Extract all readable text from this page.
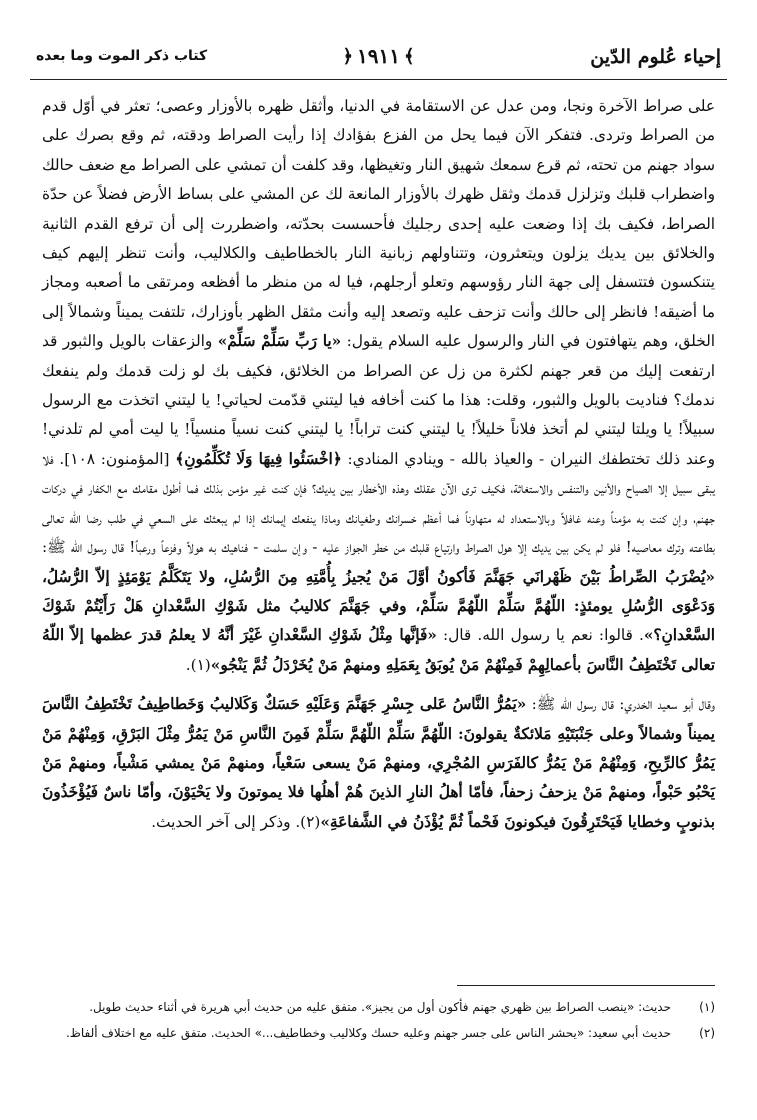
إحياء عُلوم الدّين
﴾
١٩١١
﴿
كتاب ذكر الموت وما بعده

على صراط الآخرة ونجا، ومن عدل عن الاستقامة في الدنيا، وأثقل ظهره بالأوزار وعصى؛ تعثر في أوّل قدم من الصراط وتردى. فتفكر الآن فيما يحل من الفزع بفؤادك إذا رأيت الصراط ودقته، ثم وقع بصرك على سواد جهنم من تحته، ثم قرع سمعك شهيق النار وتغيظها، وقد كلفت أن تمشي على الصراط مع ضعف حالك واضطراب قلبك وتزلزل قدمك وثقل ظهرك بالأوزار المانعة لك عن المشي على بساط الأرض فضلاً عن حدّة الصراط، فكيف بك إذا وضعت عليه إحدى رجليك فأحسست بحدّته، واضطررت إلى أن ترفع القدم الثانية والخلائق بين يديك يزلون ويتعثرون، وتتناولهم زبانية النار بالخطاطيف والكلاليب، وأنت تنظر إليهم كيف يتنكسون فتتسفل إلى جهة النار رؤوسهم وتعلو أرجلهم، فيا له من منظر ما أفظعه ومرتقى ما أصعبه ومجاز ما أضيقه! فانظر إلى حالك وأنت تزحف عليه وتصعد إليه وأنت مثقل الظهر بأوزارك، تلتفت يميناً وشمالاً إلى الخلق، وهم يتهافتون في النار والرسول عليه السلام يقول: «يا رَبِّ سَلِّمْ سَلِّمْ» والزعقات بالويل والثبور قد ارتفعت إليك من قعر جهنم لكثرة من زل عن الصراط من الخلائق، فكيف بك لو زلت قدمك ولم ينفعك ندمك؟ فناديت بالويل والثبور، وقلت: هذا ما كنت أخافه فيا ليتني قدّمت لحياتي! يا ليتني اتخذت مع الرسول سبيلاً! يا ويلتا ليتني لم أتخذ فلاناً خليلاً! يا ليتني كنت تراباً! يا ليتني كنت نسياً منسياً! يا ليت أمي لم تلدني! وعند ذلك تختطفك النيران - والعياذ بالله - وينادي المنادي: ﴿اخْسَئُوا فِيهَا وَلَا تُكَلِّمُونِ﴾ [المؤمنون: ١٠٨]. فلا يبقى سبيل إلا الصياح والأنين والتنفس والاستغاثة، فكيف ترى الآن عقلك وهذه الأخطار بين يديك؟ فإن كنت غير مؤمن بذلك فما أطول مقامك مع الكفار في دركات جهنم، وإن كنت به مؤمناً وعنه غافلاً وبالاستعداد له متهاوناً فما أعظم خسرانك وطغيانك وماذا ينفعك إيمانك إذا لم يبعثك على السعي في طلب رضا الله تعالى بطاعته وترك معاصيه! فلو لم يكن بين يديك إلا هول الصراط وارتياع قلبك من خطر الجواز عليه - وإن سلمت - فناهيك به هولاً وفزعاً ورعباً! قال رسول الله ﷺ: «يُضْرَبُ الصِّراطُ بَيْنَ ظَهْرانَي جَهَنَّمَ فَأكونُ أوَّلَ مَنْ يُجيزُ بِأُمَّتِهِ مِنَ الرُّسُلِ، ولا يَتَكَلَّمُ يَوْمَئِذٍ إلاّ الرُّسُلُ، وَدَعْوَى الرُّسُلِ يومئذٍ: اللّهُمَّ سَلِّمْ اللّهُمَّ سَلِّمْ، وفي جَهَنَّمَ كلاليبُ مثل شَوْكِ السَّعْدانِ هَلْ رَأَيْتُمْ شَوْكَ السَّعْدانِ؟». قالوا: نعم يا رسول الله. قال: «فَإنَّها مِثْلُ شَوْكِ السَّعْدانِ غَيْرَ أنَّهُ لا يعلمُ قدرَ عظمها إلاّ اللّهُ تعالى تَخْتَطِفُ النَّاسَ بأعمالِهِمْ فَمِنْهُمْ مَنْ يُوبَقُ بِعَمَلِهِ ومنهمْ مَنْ يُخَرْدَلُ ثُمَّ يَنْجُو»(١).

وقال أبو سعيد الخدري: قال رسول الله ﷺ: «يَمُرُّ النَّاسُ عَلى جِسْرِ جَهَنَّمَ وَعَلَيْهِ حَسَكٌ وَكَلاليبُ وَخَطاطِيفُ تَخْتَطِفُ النَّاسَ يميناً وشمالاً وعلى جَنْبَتَيْهِ مَلائكةٌ يقولونَ: اللّهُمَّ سَلِّمْ اللّهُمَّ سَلِّمْ فَمِنَ النَّاسِ مَنْ يَمُرُّ مِثْلَ البَرْقِ، وَمِنْهُمْ مَنْ يَمُرُّ كالرِّيحِ، وَمِنْهُمْ مَنْ يَمُرُّ كالفَرَسِ المُجْرِي، ومنهمْ مَنْ يسعى سَعْياً، ومنهمْ مَنْ يمشي مَشْياً، ومنهمْ مَنْ يَحْبُو حَبْواً، ومنهمْ مَنْ يزحفُ زحفاً، فأمّا أهلُ النارِ الذينَ هُمْ أهلُها فلا يموتونَ ولا يَحْيَوْنَ، وأمّا ناسٌ فَيُؤْخَذُونَ بذنوبٍ وخطايا فَيَحْتَرِقُونَ فيكونونَ فَحْماً ثُمَّ يُؤْذَنُ في الشَّفاعَةِ»(٢). وذكر إلى آخر الحديث.

(١)
حديث: «ينصب الصراط بين ظهري جهنم فأكون أول من يجيز». متفق عليه من حديث أبي هريرة في أثناء حديث طويل.
(٢)
حديث أبي سعيد: «يحشر الناس على جسر جهنم وعليه حسك وكلاليب وخطاطيف...» الحديث. متفق عليه مع اختلاف ألفاظ.
